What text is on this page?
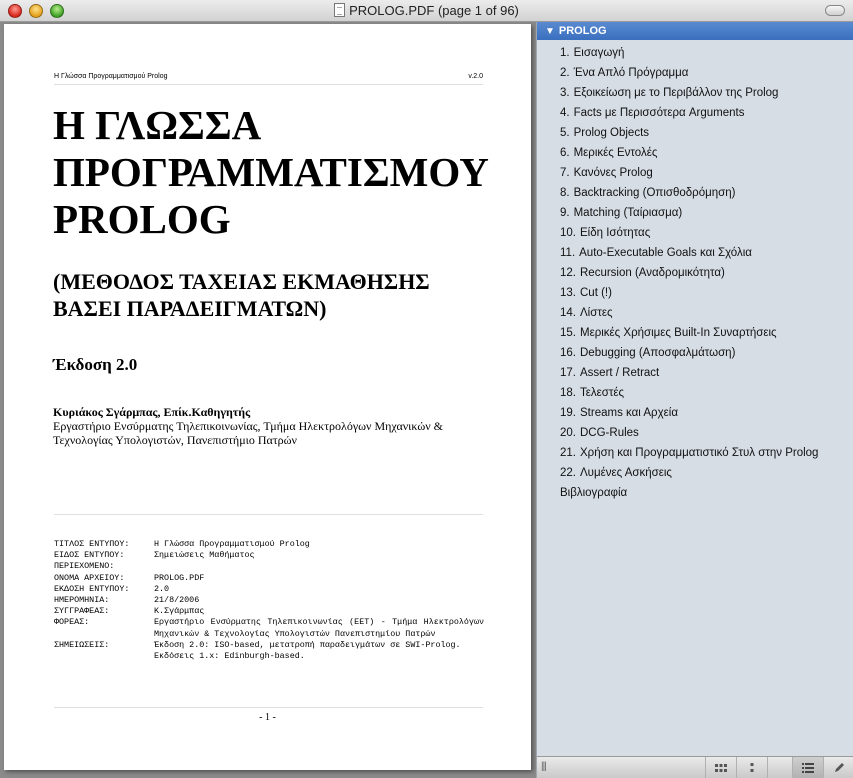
PROLOG.PDF (page 1 of 96)
Η Γλώσσα Προγραμματισμού Prolog	v.2.0
Η ΓΛΩΣΣΑ
ΠΡΟΓΡΑΜΜΑΤΙΣΜΟΥ
PROLOG
(ΜΕΘΟΔΟΣ ΤΑΧΕΙΑΣ ΕΚΜΑΘΗΣΗΣ
ΒΑΣΕΙ ΠΑΡΑΔΕΙΓΜΑΤΩΝ)
Έκδοση 2.0
Κυριάκος Σγάρμπας, Επίκ.Καθηγητής
Εργαστήριο Ενσύρματης Τηλεπικοινωνίας, Τμήμα Ηλεκτρολόγων Μηχανικών & Τεχνολογίας Υπολογιστών, Πανεπιστήμιο Πατρών
ΤΙΤΛΟΣ ΕΝΤΥΠΟΥ:	Η Γλώσσα Προγραμματισμού Prolog
ΕΙΔΟΣ ΕΝΤΥΠΟΥ:	Σημειώσεις Μαθήματος
ΠΕΡΙΕΧΟΜΕΝΟ:
ΟΝΟΜΑ ΑΡΧΕΙΟΥ:	PROLOG.PDF
ΕΚΔΟΣΗ ΕΝΤΥΠΟΥ:	2.0
ΗΜΕΡΟΜΗΝΙΑ:	21/8/2006
ΣΥΓΓΡΑΦΕΑΣ:	Κ.Σγάρμπας
ΦΟΡΕΑΣ:	Εργαστήριο Ενσύρματης Τηλεπικοινωνίας (ΕΕΤ) - Τμήμα Ηλεκτρολόγων Μηχανικών & Τεχνολογίας Υπολογιστών Πανεπιστημίου Πατρών
ΣΗΜΕΙΩΣΕΙΣ:	Έκδοση 2.0: ISO-based, μετατροπή παραδειγμάτων σε SWI-Prolog.
Εκδόσεις 1.x: Edinburgh-based.
- 1 -
▼ PROLOG
1. Εισαγωγή
2. Ένα Απλό Πρόγραμμα
3. Εξοικείωση με το Περιβάλλον της Prolog
4. Facts με Περισσότερα Arguments
5. Prolog Objects
6. Μερικές Εντολές
7. Κανόνες Prolog
8. Backtracking (Οπισθοδρόμηση)
9. Matching (Ταίριασμα)
10. Είδη Ισότητας
11. Auto-Executable Goals και Σχόλια
12. Recursion (Αναδρομικότητα)
13. Cut (!)
14. Λίστες
15. Μερικές Χρήσιμες Built-In Συναρτήσεις
16. Debugging (Αποσφαλμάτωση)
17. Assert / Retract
18. Τελεστές
19. Streams και Αρχεία
20. DCG-Rules
21. Χρήση και Προγραμματιστικό Στυλ στην Prolog
22. Λυμένες Ασκήσεις
Βιβλιογραφία
|||
